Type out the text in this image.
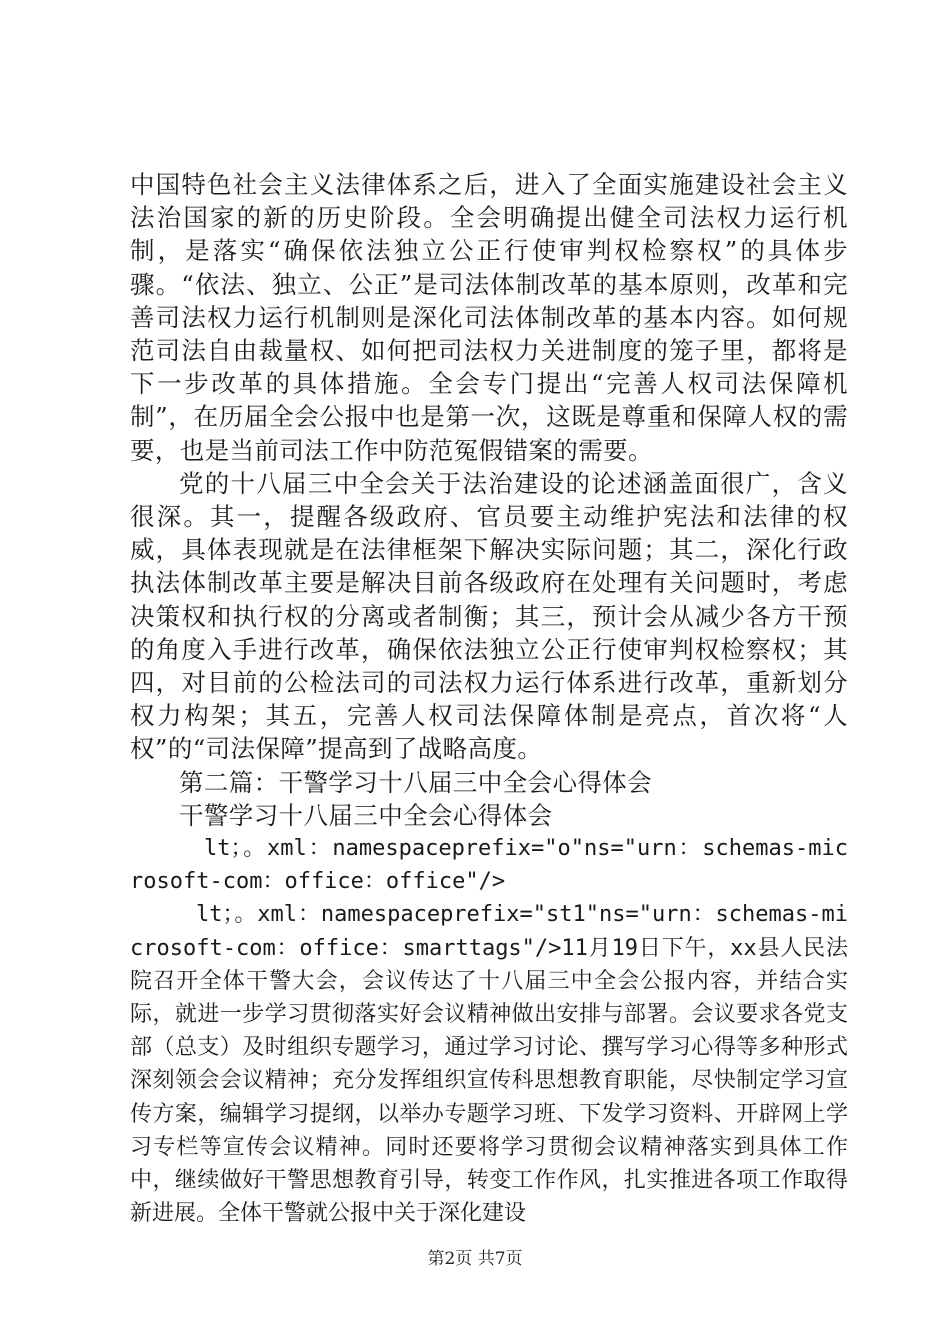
中国特色社会主义法律体系之后，进入了全面实施建设社会主义法治国家的新的历史阶段。全会明确提出健全司法权力运行机制，是落实“确保依法独立公正行使审判权检察权”的具体步骤。“依法、独立、公正”是司法体制改革的基本原则，改革和完善司法权力运行机制则是深化司法体制改革的基本内容。如何规范司法自由裁量权、如何把司法权力关进制度的笼子里，都将是下一步改革的具体措施。全会专门提出“完善人权司法保障机制”，在历届全会公报中也是第一次，这既是尊重和保障人权的需要，也是当前司法工作中防范冤假错案的需要。

党的十八届三中全会关于法治建设的论述涵盖面很广，含义很深。其一，提醒各级政府、官员要主动维护宪法和法律的权威，具体表现就是在法律框架下解决实际问题；其二，深化行政执法体制改革主要是解决目前各级政府在处理有关问题时，考虑决策权和执行权的分离或者制衡；其三，预计会从减少各方干预的角度入手进行改革，确保依法独立公正行使审判权检察权；其四，对目前的公检法司的司法权力运行体系进行改革，重新划分权力构架；其五，完善人权司法保障体制是亮点，首次将“人权”的“司法保障”提高到了战略高度。

第二篇：干警学习十八届三中全会心得体会

干警学习十八届三中全会心得体会

lt；。xml：namespaceprefix="o"ns="urn：schemas-microsoft-com：office：office"/>

lt；。xml：namespaceprefix="st1"ns="urn：schemas-microsoft-com：office：smarttags"/>11月19日下午，xx县人民法院召开全体干警大会，会议传达了十八届三中全会公报内容，并结合实际，就进一步学习贯彻落实好会议精神做出安排与部署。会议要求各党支部（总支）及时组织专题学习，通过学习讨论、撰写学习心得等多种形式深刻领会会议精神；充分发挥组织宣传科思想教育职能，尽快制定学习宣传方案，编辑学习提纲，以举办专题学习班、下发学习资料、开辟网上学习专栏等宣传会议精神。同时还要将学习贯彻会议精神落实到具体工作中，继续做好干警思想教育引导，转变工作作风，扎实推进各项工作取得新进展。全体干警就公报中关于深化建设

第2页 共7页
